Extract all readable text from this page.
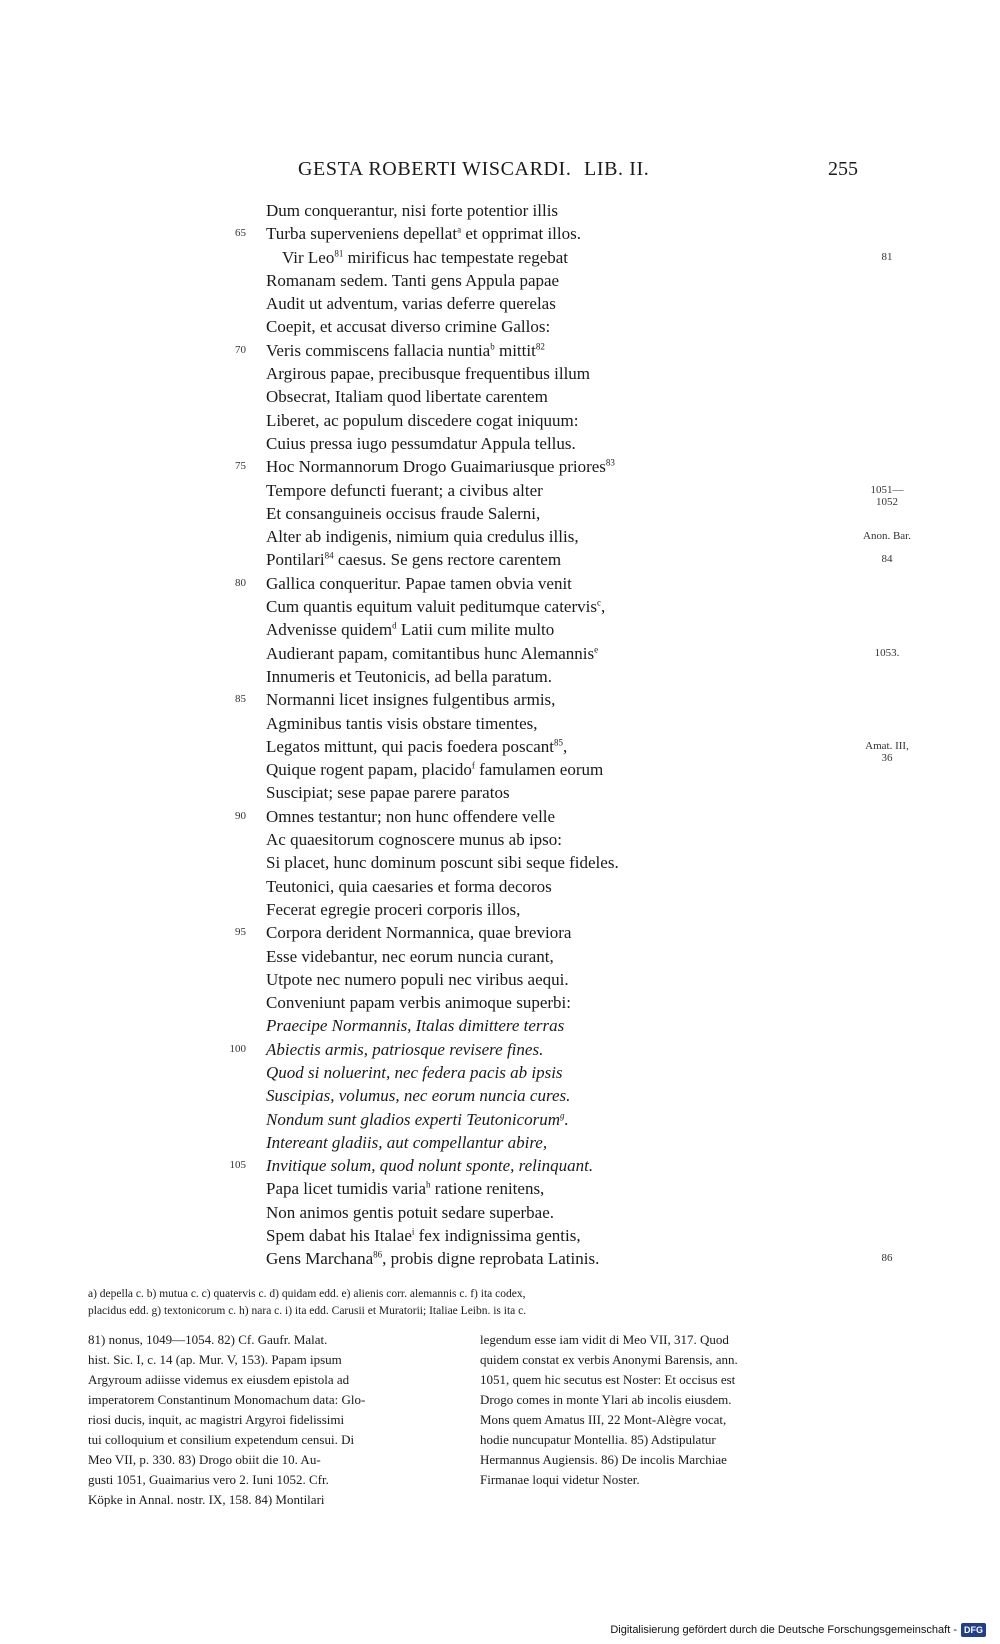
GESTA ROBERTI WISCARDI. LIB. II.	255
Dum conquerantur, nisi forte potentior illis
65 Turba superveniens depellat$^a$ et opprimat illos.
Vir Leo$^{81}$ mirificus hac tempestate regebat	81
Romanam sedem. Tanti gens Appula papae
Audit ut adventum, varias deferre querelas
Coepit, et accusat diverso crimine Gallos:
70 Veris commiscens fallacia nuntia$^b$ mittit$^{82}$
Argirous papae, precibusque frequentibus illum
Obsecrat, Italiam quod libertate carentem
Liberet, ac populum discedere cogat iniquum:
Cuius pressa iugo pessumdatur Appula tellus.
75 Hoc Normannorum Drogo Guaimariusque priores$^{83}$
Tempore defuncti fuerant; a civibus alter	1051—
1052
Et consanguineis occisus fraude Salerni,
Alter ab indigenis, nimium quia credulus illis,	Anon. Bar.
Pontilari$^{84}$ caesus. Se gens rectore carentem	84
80 Gallica conqueritur. Papae tamen obvia venit
Cum quantis equitum valuit peditumque catervis$^c$,
Advenisse quidem$^d$ Latii cum milite multo
Audierant papam, comitantibus hunc Alemannis$^e$	1053.
Innumeris et Teutonicis, ad bella paratum.
85 Normanni licet insignes fulgentibus armis,
Agminibus tantis visis obstare timentes,
Legatos mittunt, qui pacis foedera poscant$^{85}$,	Amat. III,
36
Quique rogent papam, placido$^f$ famulamen eorum
Suscipiat; sese papae parere paratos
90 Omnes testantur; non hunc offendere velle
Ac quaesitorum cognoscere munus ab ipso:
Si placet, hunc dominum poscunt sibi seque fideles.
Teutonici, quia caesaries et forma decoros
Fecerat egregie proceri corporis illos,
95 Corpora derident Normannica, quae breviora
Esse videbantur, nec eorum nuncia curant,
Utpote nec numero populi nec viribus aequi.
Conveniunt papam verbis animoque superbi:
Praecipe Normannis, Italas dimittere terras
100 Abiectis armis, patriosque revisere fines.
Quod si noluerint, nec federa pacis ab ipsis
Suscipias, volumus, nec eorum nuncia cures.
Nondum sunt gladios experti Teutonicorum$^g$.
Intereant gladiis, aut compellantur abire,
105 Invitique solum, quod nolunt sponte, relinquant.
Papa licet tumidis varia$^h$ ratione renitens,
Non animos gentis potuit sedare superbae.
Spem dabat his Italae$^i$ fex indignissima gentis,
Gens Marchana$^{86}$, probis digne reprobata Latinis.	86
a) depella c. b) mutua c. c) quatervis c. d) quidam edd. e) alienis corr. alemannis c. f) ita codex,
placidus edd. g) textonicorum c. h) nara c. i) ita edd. Carusii et Muratorii; Italiae Leibn. is ita c.
81) nonus, 1049—1054. 82) Cf. Gaufr. Malat.
hist. Sic. I, c. 14 (ap. Mur. V, 153). Papam ipsum
Argyroum adiisse videmus ex eiusdem epistola ad
imperatorem Constantinum Monomachum data: Glo-
riosi ducis, inquit, ac magistri Argyroi fidelissimi
tui colloquium et consilium expetendum censui. Di
Meo VII, p. 330. 83) Drogo obiit die 10. Au-
gusti 1051, Guaimarius vero 2. Iuni 1052. Cfr.
Köpke in Annal. nostr. IX, 158. 84) Montilari
legendum esse iam vidit di Meo VII, 317. Quod
quidem constat ex verbis Anonymi Barensis, ann.
1051, quem hic secutus est Noster: Et occisus est
Drogo comes in monte Ylari ab incolis eiusdem.
Mons quem Amatus III, 22 Mont-Alègre vocat,
hodie nuncupatur Montellia. 85) Adstipulatur
Hermannus Augiensis. 86) De incolis Marchiae
Firmanae loqui videtur Noster.
Digitalisierung gefördert durch die Deutsche Forschungsgemeinschaft - DFG
